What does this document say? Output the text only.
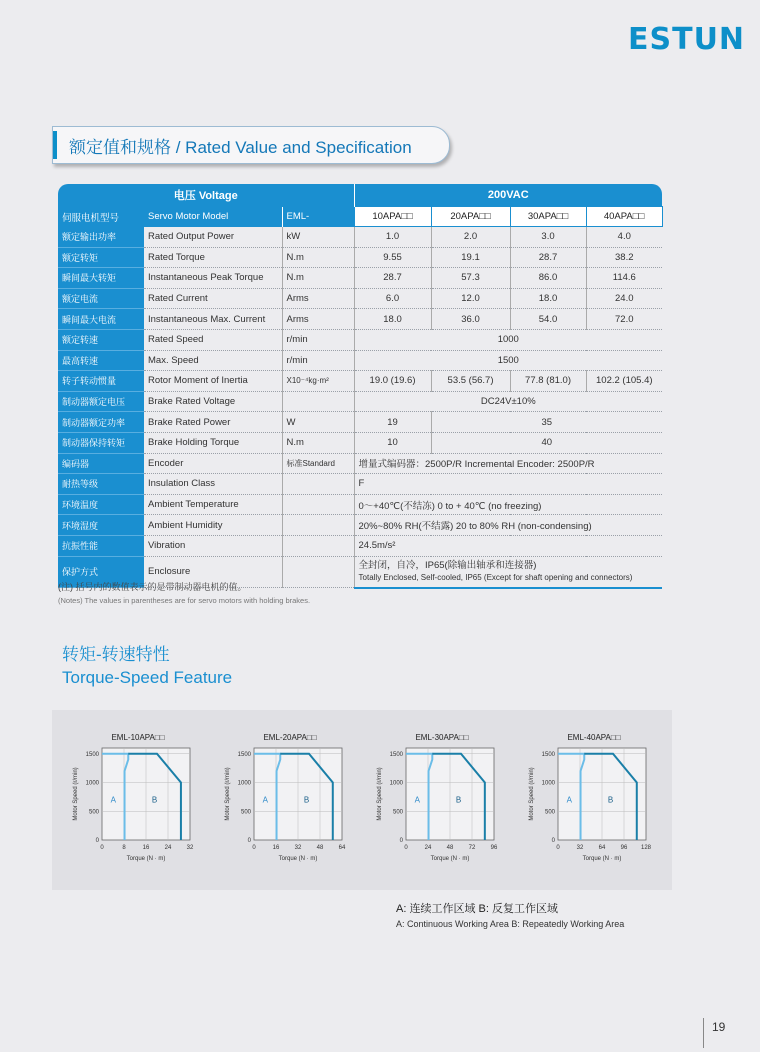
ESTUN
额定值和规格 / Rated Value and Specification
电压 Voltage			200VAC			
伺服电机型号	Servo Motor Model	EML-	10APA□□	20APA□□	30APA□□	40APA□□
额定输出功率	Rated Output Power	kW	1.0	2.0	3.0	4.0
额定转矩	Rated Torque	N.m	9.55	19.1	28.7	38.2
瞬间最大转矩	Instantaneous Peak Torque	N.m	28.7	57.3	86.0	114.6
额定电流	Rated Current	Arms	6.0	12.0	18.0	24.0
瞬间最大电流	Instantaneous Max. Current	Arms	18.0	36.0	54.0	72.0
额定转速	Rated Speed	r/min	1000			
最高转速	Max. Speed	r/min	1500			
转子转动惯量	Rotor Moment of Inertia	X10⁻⁴kg·m²	19.0 (19.6)	53.5 (56.7)	77.8 (81.0)	102.2 (105.4)
制动器额定电压	Brake Rated Voltage		DC24V±10%			
制动器额定功率	Brake Rated Power	W	19	35		
制动器保持转矩	Brake Holding Torque	N.m	10	40		
编码器	Encoder	标准Standard	增量式编码器：2500P/R Incremental Encoder: 2500P/R			
耐热等级	Insulation Class		F			
环境温度	Ambient Temperature		0～+40℃(不结冻) 0 to + 40℃ (no freezing)			
环境湿度	Ambient Humidity		20%~80% RH(不结露) 20 to 80% RH (non-condensing)			
抗振性能	Vibration		24.5m/s²			
保护方式	Enclosure		全封闭，自冷，IP65(除输出轴承和连接器)
Totally Enclosed, Self-cooled, IP65 (Except for shaft opening and connectors)			
(注) 括号内的数值表示的是带制动器电机的值。
(Notes) The values in parentheses are for servo motors with holding brakes.
转矩-转速特性
Torque-Speed Feature
EML-10APA□□
0	8	16	24	32
0
500
1000
1500
Motor Speed (r/min)
Torque (N · m)
A	B
EML-20APA□□
0	16	32	48	64
0
500
1000
1500
Motor Speed (r/min)
Torque (N · m)
A	B
EML-30APA□□
0	24	48	72	96
0
500
1000
1500
Motor Speed (r/min)
Torque (N · m)
A	B
EML-40APA□□
0	32	64	96 128
0
500
1000
1500
Motor Speed (r/min)
Torque (N · m)
A	B
A: 连续工作区域 B: 反复工作区域
A: Continuous Working Area B: Repeatedly Working Area
19
